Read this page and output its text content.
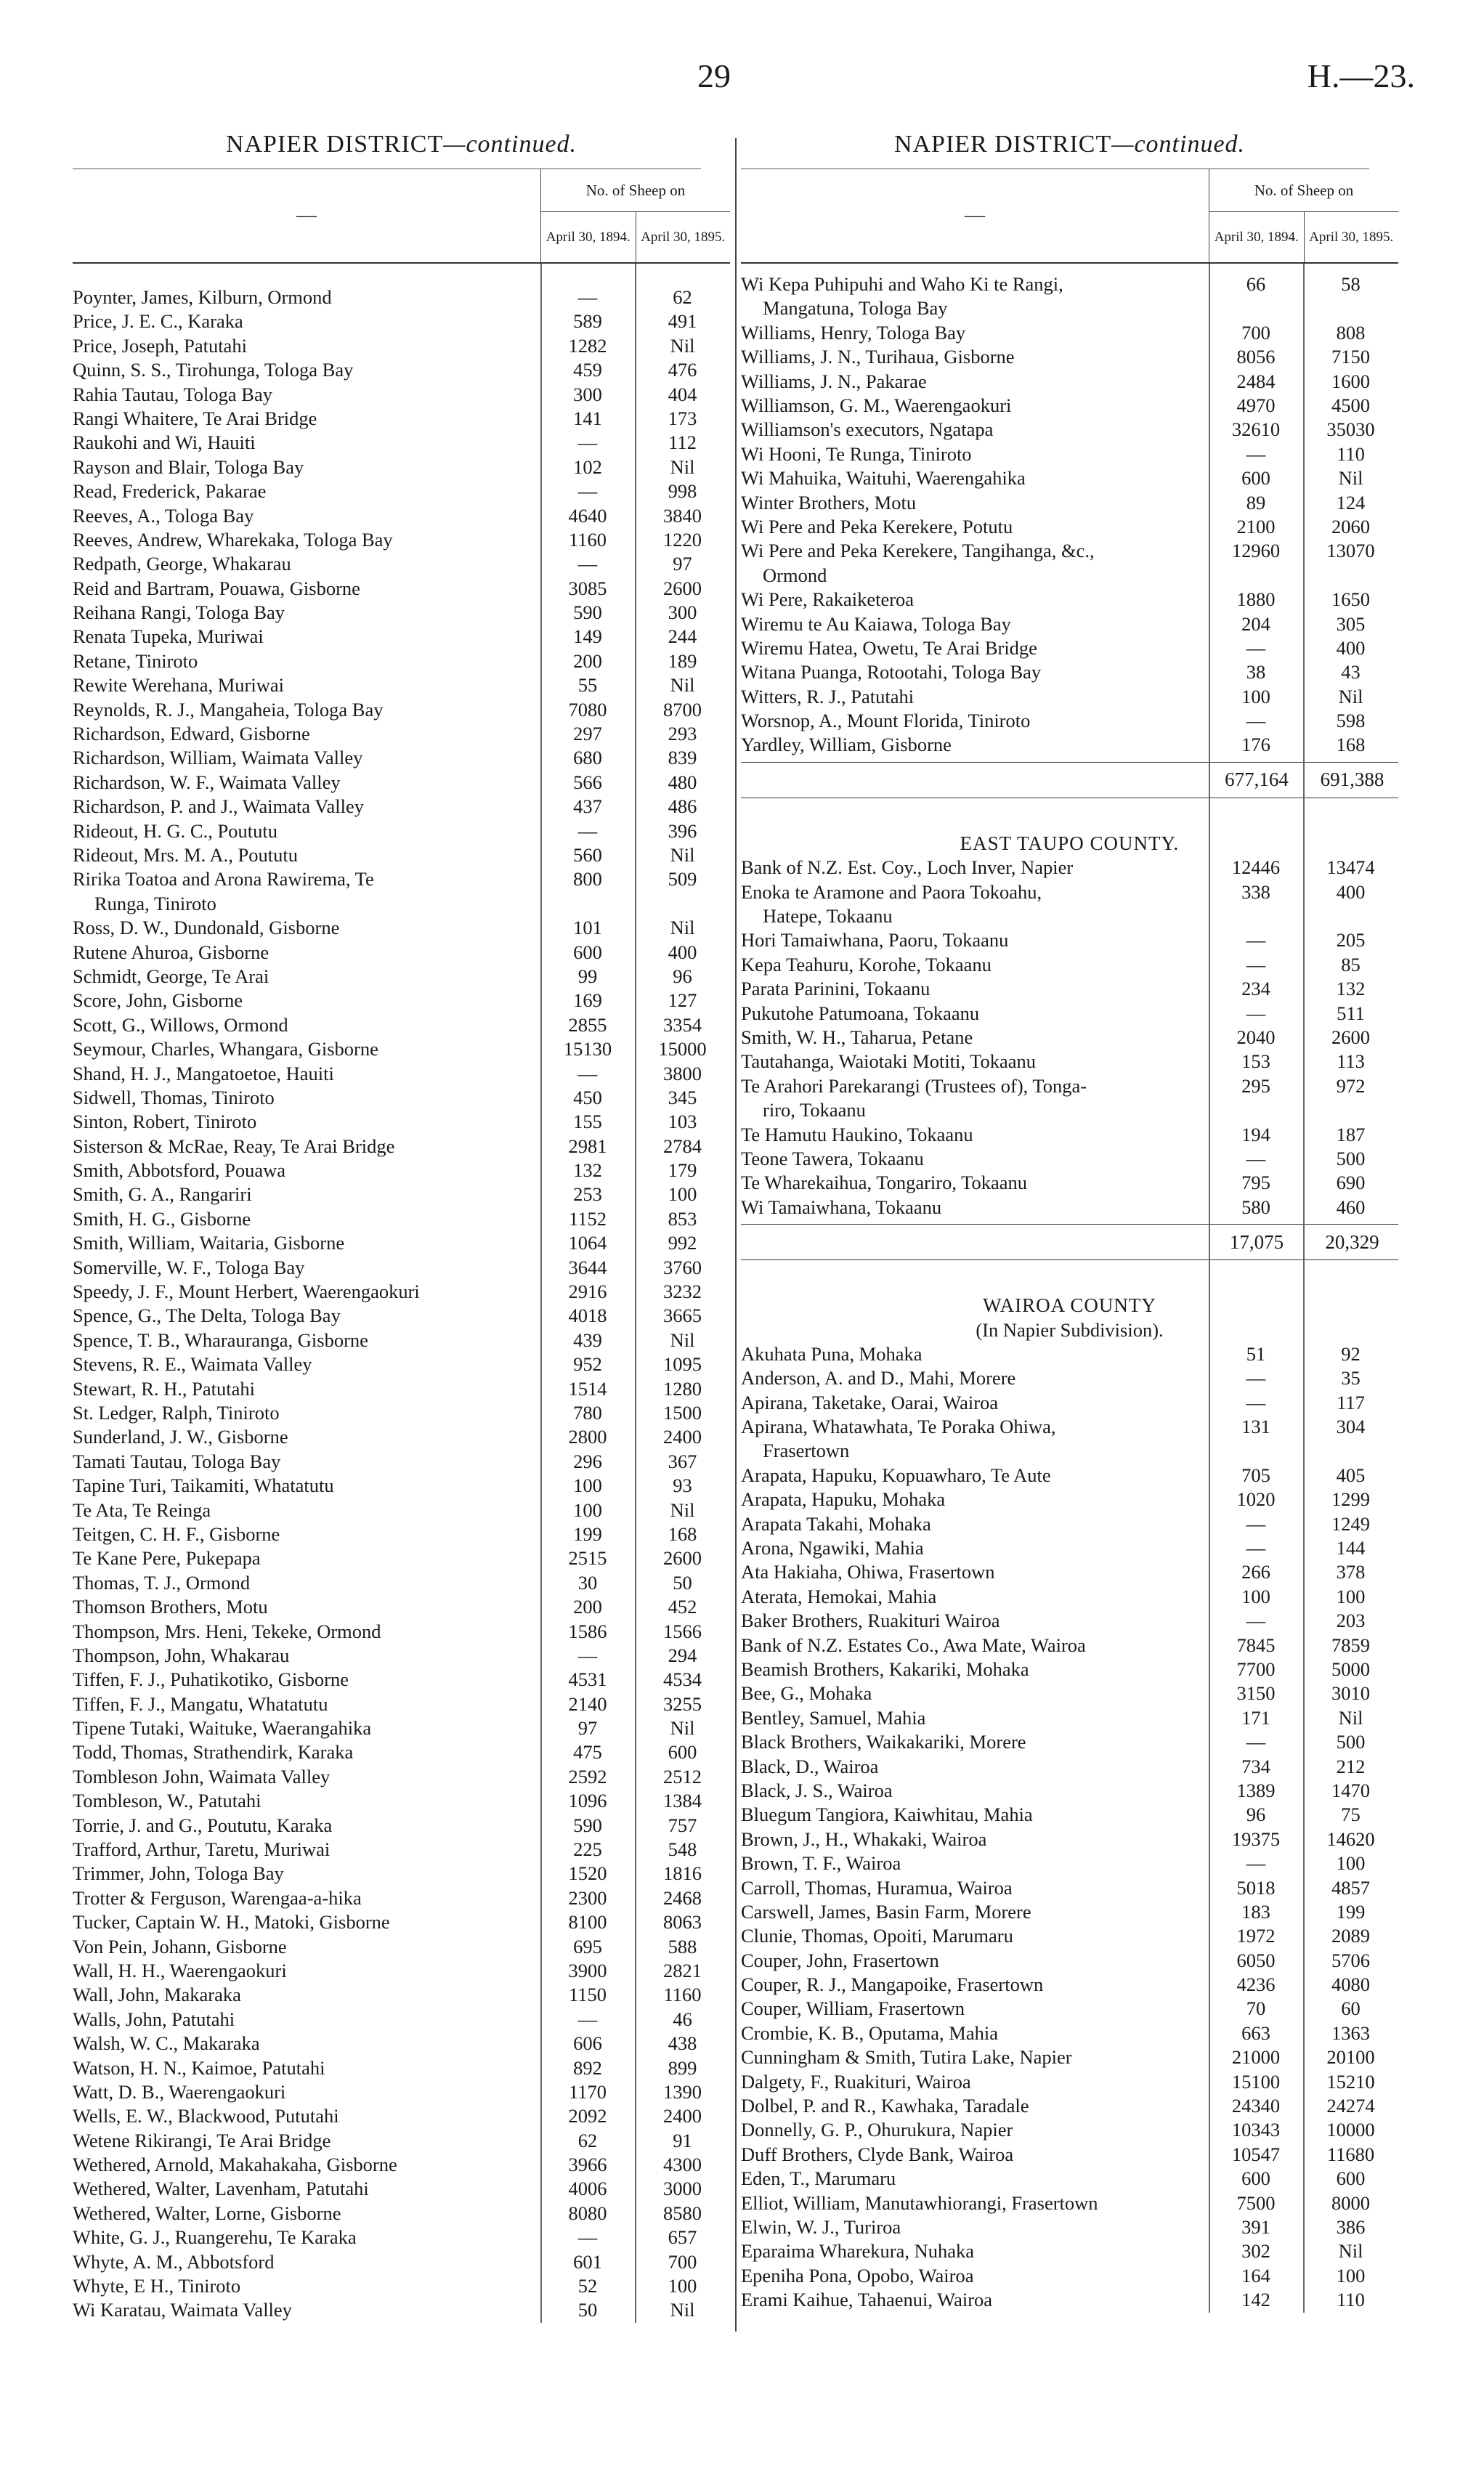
29	H.—23.
NAPIER DISTRICT—continued.
—
No. of Sheep on
April 30, 1894. April 30, 1895.
Poynter, James, Kilburn, Ormond	—	62
Price, J. E. C., Karaka	589	491
Price, Joseph, Patutahi	1282	Nil
Quinn, S. S., Tirohunga, Tologa Bay	459	476
Rahia Tautau, Tologa Bay	300	404
Rangi Whaitere, Te Arai Bridge	141	173
Raukohi and Wi, Hauiti	—	112
Rayson and Blair, Tologa Bay	102	Nil
Read, Frederick, Pakarae	—	998
Reeves, A., Tologa Bay	4640	3840
Reeves, Andrew, Wharekaka, Tologa Bay	1160	1220
Redpath, George, Whakarau	—	97
Reid and Bartram, Pouawa, Gisborne	3085	2600
Reihana Rangi, Tologa Bay	590	300
Renata Tupeka, Muriwai	149	244
Retane, Tiniroto	200	189
Rewite Werehana, Muriwai	55	Nil
Reynolds, R. J., Mangaheia, Tologa Bay	7080	8700
Richardson, Edward, Gisborne	297	293
Richardson, William, Waimata Valley	680	839
Richardson, W. F., Waimata Valley	566	480
Richardson, P. and J., Waimata Valley	437	486
Rideout, H. G. C., Poututu	—	396
Rideout, Mrs. M. A., Poututu	560	Nil
Ririka Toatoa and Arona Rawirema, Te
Runga, Tiniroto
800	509
Ross, D. W., Dundonald, Gisborne	101	Nil
Rutene Ahuroa, Gisborne	600	400
Schmidt, George, Te Arai	99	96
Score, John, Gisborne	169	127
Scott, G., Willows, Ormond	2855	3354
Seymour, Charles, Whangara, Gisborne	15130	15000
Shand, H. J., Mangatoetoe, Hauiti	—	3800
Sidwell, Thomas, Tiniroto	450	345
Sinton, Robert, Tiniroto	155	103
Sisterson & McRae, Reay, Te Arai Bridge	2981	2784
Smith, Abbotsford, Pouawa	132	179
Smith, G. A., Rangariri	253	100
Smith, H. G., Gisborne	1152	853
Smith, William, Waitaria, Gisborne	1064	992
Somerville, W. F., Tologa Bay	3644	3760
Speedy, J. F., Mount Herbert, Waerengaokuri	2916	3232
Spence, G., The Delta, Tologa Bay	4018	3665
Spence, T. B., Wharauranga, Gisborne	439	Nil
Stevens, R. E., Waimata Valley	952	1095
Stewart, R. H., Patutahi	1514	1280
St. Ledger, Ralph, Tiniroto	780	1500
Sunderland, J. W., Gisborne	2800	2400
Tamati Tautau, Tologa Bay	296	367
Tapine Turi, Taikamiti, Whatatutu	100	93
Te Ata, Te Reinga	100	Nil
Teitgen, C. H. F., Gisborne	199	168
Te Kane Pere, Pukepapa	2515	2600
Thomas, T. J., Ormond	30	50
Thomson Brothers, Motu	200	452
Thompson, Mrs. Heni, Tekeke, Ormond	1586	1566
Thompson, John, Whakarau	—	294
Tiffen, F. J., Puhatikotiko, Gisborne	4531	4534
Tiffen, F. J., Mangatu, Whatatutu	2140	3255
Tipene Tutaki, Waituke, Waerangahika	97	Nil
Todd, Thomas, Strathendirk, Karaka	475	600
Tombleson John, Waimata Valley	2592	2512
Tombleson, W., Patutahi	1096	1384
Torrie, J. and G., Poututu, Karaka	590	757
Trafford, Arthur, Taretu, Muriwai	225	548
Trimmer, John, Tologa Bay	1520	1816
Trotter & Ferguson, Warengaa-a-hika	2300	2468
Tucker, Captain W. H., Matoki, Gisborne	8100	8063
Von Pein, Johann, Gisborne	695	588
Wall, H. H., Waerengaokuri	3900	2821
Wall, John, Makaraka	1150	1160
Walls, John, Patutahi	—	46
Walsh, W. C., Makaraka	606	438
Watson, H. N., Kaimoe, Patutahi	892	899
Watt, D. B., Waerengaokuri	1170	1390
Wells, E. W., Blackwood, Pututahi	2092	2400
Wetene Rikirangi, Te Arai Bridge	62	91
Wethered, Arnold, Makahakaha, Gisborne	3966	4300
Wethered, Walter, Lavenham, Patutahi	4006	3000
Wethered, Walter, Lorne, Gisborne	8080	8580
White, G. J., Ruangerehu, Te Karaka	—	657
Whyte, A. M., Abbotsford	601	700
Whyte, E H., Tiniroto	52	100
Wi Karatau, Waimata Valley	50	Nil
NAPIER DISTRICT—continued.
—
No. of Sheep on
April 30, 1894. April 30, 1895.
Wi Kepa Puhipuhi and Waho Ki te Rangi,
Mangatuna, Tologa Bay
66	58
Williams, Henry, Tologa Bay	700	808
Williams, J. N., Turihaua, Gisborne	8056	7150
Williams, J. N., Pakarae	2484	1600
Williamson, G. M., Waerengaokuri	4970	4500
Williamson's executors, Ngatapa	32610	35030
Wi Hooni, Te Runga, Tiniroto	—	110
Wi Mahuika, Waituhi, Waerengahika	600	Nil
Winter Brothers, Motu	89	124
Wi Pere and Peka Kerekere, Potutu	2100	2060
Wi Pere and Peka Kerekere, Tangihanga, &c.,
Ormond
12960	13070
Wi Pere, Rakaiketeroa	1880	1650
Wiremu te Au Kaiawa, Tologa Bay	204	305
Wiremu Hatea, Owetu, Te Arai Bridge	—	400
Witana Puanga, Rotootahi, Tologa Bay	38	43
Witters, R. J., Patutahi	100	Nil
Worsnop, A., Mount Florida, Tiniroto	—	598
Yardley, William, Gisborne	176	168
677,164	691,388
EAST TAUPO COUNTY.
Bank of N.Z. Est. Coy., Loch Inver, Napier	12446	13474
Enoka te Aramone and Paora Tokoahu,
Hatepe, Tokaanu
338	400
Hori Tamaiwhana, Paoru, Tokaanu	—	205
Kepa Teahuru, Korohe, Tokaanu	—	85
Parata Parinini, Tokaanu	234	132
Pukutohe Patumoana, Tokaanu	—	511
Smith, W. H., Taharua, Petane	2040	2600
Tautahanga, Waiotaki Motiti, Tokaanu	153	113
Te Arahori Parekarangi (Trustees of), Tonga-
riro, Tokaanu
295	972
Te Hamutu Haukino, Tokaanu	194	187
Teone Tawera, Tokaanu	—	500
Te Wharekaihua, Tongariro, Tokaanu	795	690
Wi Tamaiwhana, Tokaanu	580	460
17,075	20,329
WAIROA COUNTY
(In Napier Subdivision).
Akuhata Puna, Mohaka	51	92
Anderson, A. and D., Mahi, Morere	—	35
Apirana, Taketake, Oarai, Wairoa	—	117
Apirana, Whatawhata, Te Poraka Ohiwa,
Frasertown
131	304
Arapata, Hapuku, Kopuawharo, Te Aute	705	405
Arapata, Hapuku, Mohaka	1020	1299
Arapata Takahi, Mohaka	—	1249
Arona, Ngawiki, Mahia	—	144
Ata Hakiaha, Ohiwa, Frasertown	266	378
Aterata, Hemokai, Mahia	100	100
Baker Brothers, Ruakituri Wairoa	—	203
Bank of N.Z. Estates Co., Awa Mate, Wairoa	7845	7859
Beamish Brothers, Kakariki, Mohaka	7700	5000
Bee, G., Mohaka	3150	3010
Bentley, Samuel, Mahia	171	Nil
Black Brothers, Waikakariki, Morere	—	500
Black, D., Wairoa	734	212
Black, J. S., Wairoa	1389	1470
Bluegum Tangiora, Kaiwhitau, Mahia	96	75
Brown, J., H., Whakaki, Wairoa	19375	14620
Brown, T. F., Wairoa	—	100
Carroll, Thomas, Huramua, Wairoa	5018	4857
Carswell, James, Basin Farm, Morere	183	199
Clunie, Thomas, Opoiti, Marumaru	1972	2089
Couper, John, Frasertown	6050	5706
Couper, R. J., Mangapoike, Frasertown	4236	4080
Couper, William, Frasertown	70	60
Crombie, K. B., Oputama, Mahia	663	1363
Cunningham & Smith, Tutira Lake, Napier	21000	20100
Dalgety, F., Ruakituri, Wairoa	15100	15210
Dolbel, P. and R., Kawhaka, Taradale	24340	24274
Donnelly, G. P., Ohurukura, Napier	10343	10000
Duff Brothers, Clyde Bank, Wairoa	10547	11680
Eden, T., Marumaru	600	600
Elliot, William, Manutawhiorangi, Frasertown	7500	8000
Elwin, W. J., Turiroa	391	386
Eparaima Wharekura, Nuhaka	302	Nil
Epeniha Pona, Opobo, Wairoa	164	100
Erami Kaihue, Tahaenui, Wairoa	142	110
